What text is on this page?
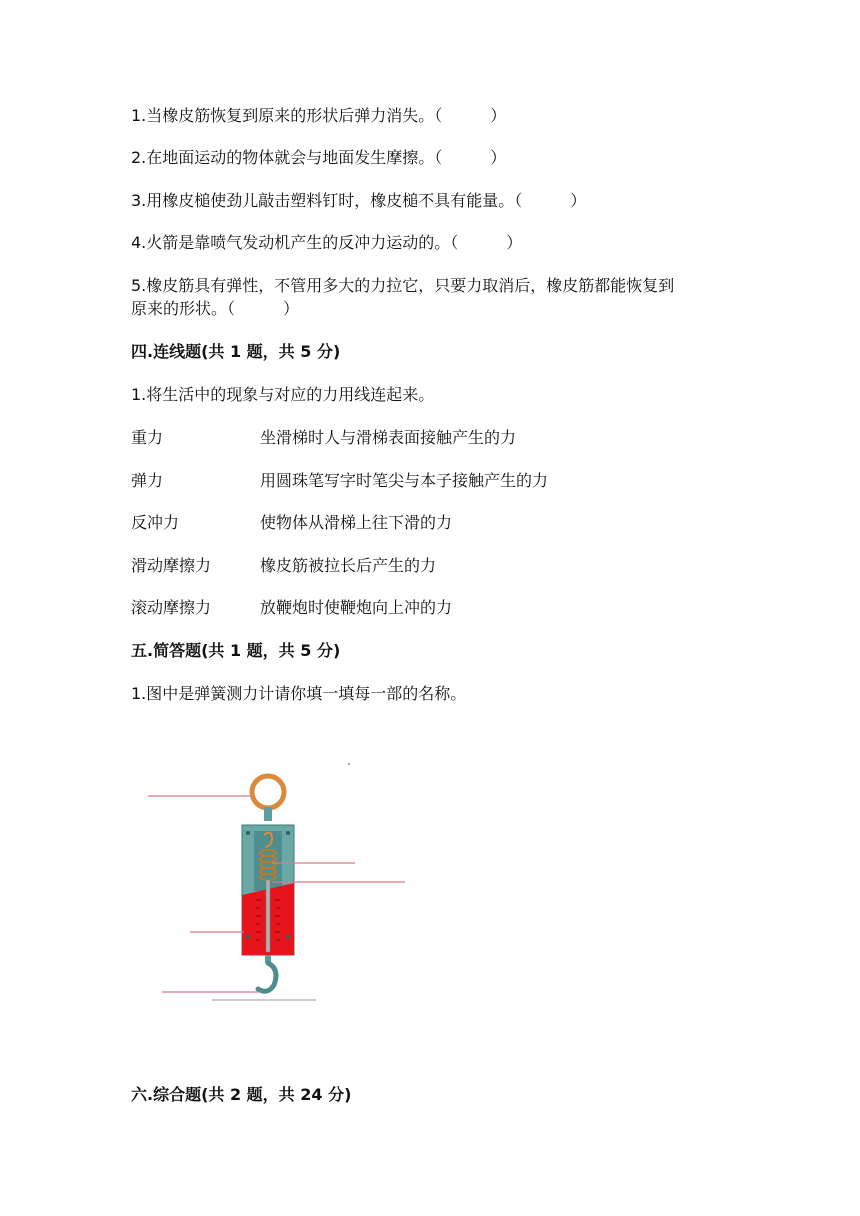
1.当橡皮筋恢复到原来的形状后弹力消失。（　　　）
2.在地面运动的物体就会与地面发生摩擦。（　　　）
3.用橡皮槌使劲儿敲击塑料钉时，橡皮槌不具有能量。（　　　）
4.火箭是靠喷气发动机产生的反冲力运动的。（　　　）
5.橡皮筋具有弹性，不管用多大的力拉它，只要力取消后，橡皮筋都能恢复到
原来的形状。（　　　）
四.连线题(共 1 题，共 5 分)
1.将生活中的现象与对应的力用线连起来。
重力	坐滑梯时人与滑梯表面接触产生的力
弹力	用圆珠笔写字时笔尖与本子接触产生的力
反冲力	使物体从滑梯上往下滑的力
滑动摩擦力	橡皮筋被拉长后产生的力
滚动摩擦力	放鞭炮时使鞭炮向上冲的力
五.简答题(共 1 题，共 5 分)
1.图中是弹簧测力计请你填一填每一部的名称。
六.综合题(共 2 题，共 24 分)
